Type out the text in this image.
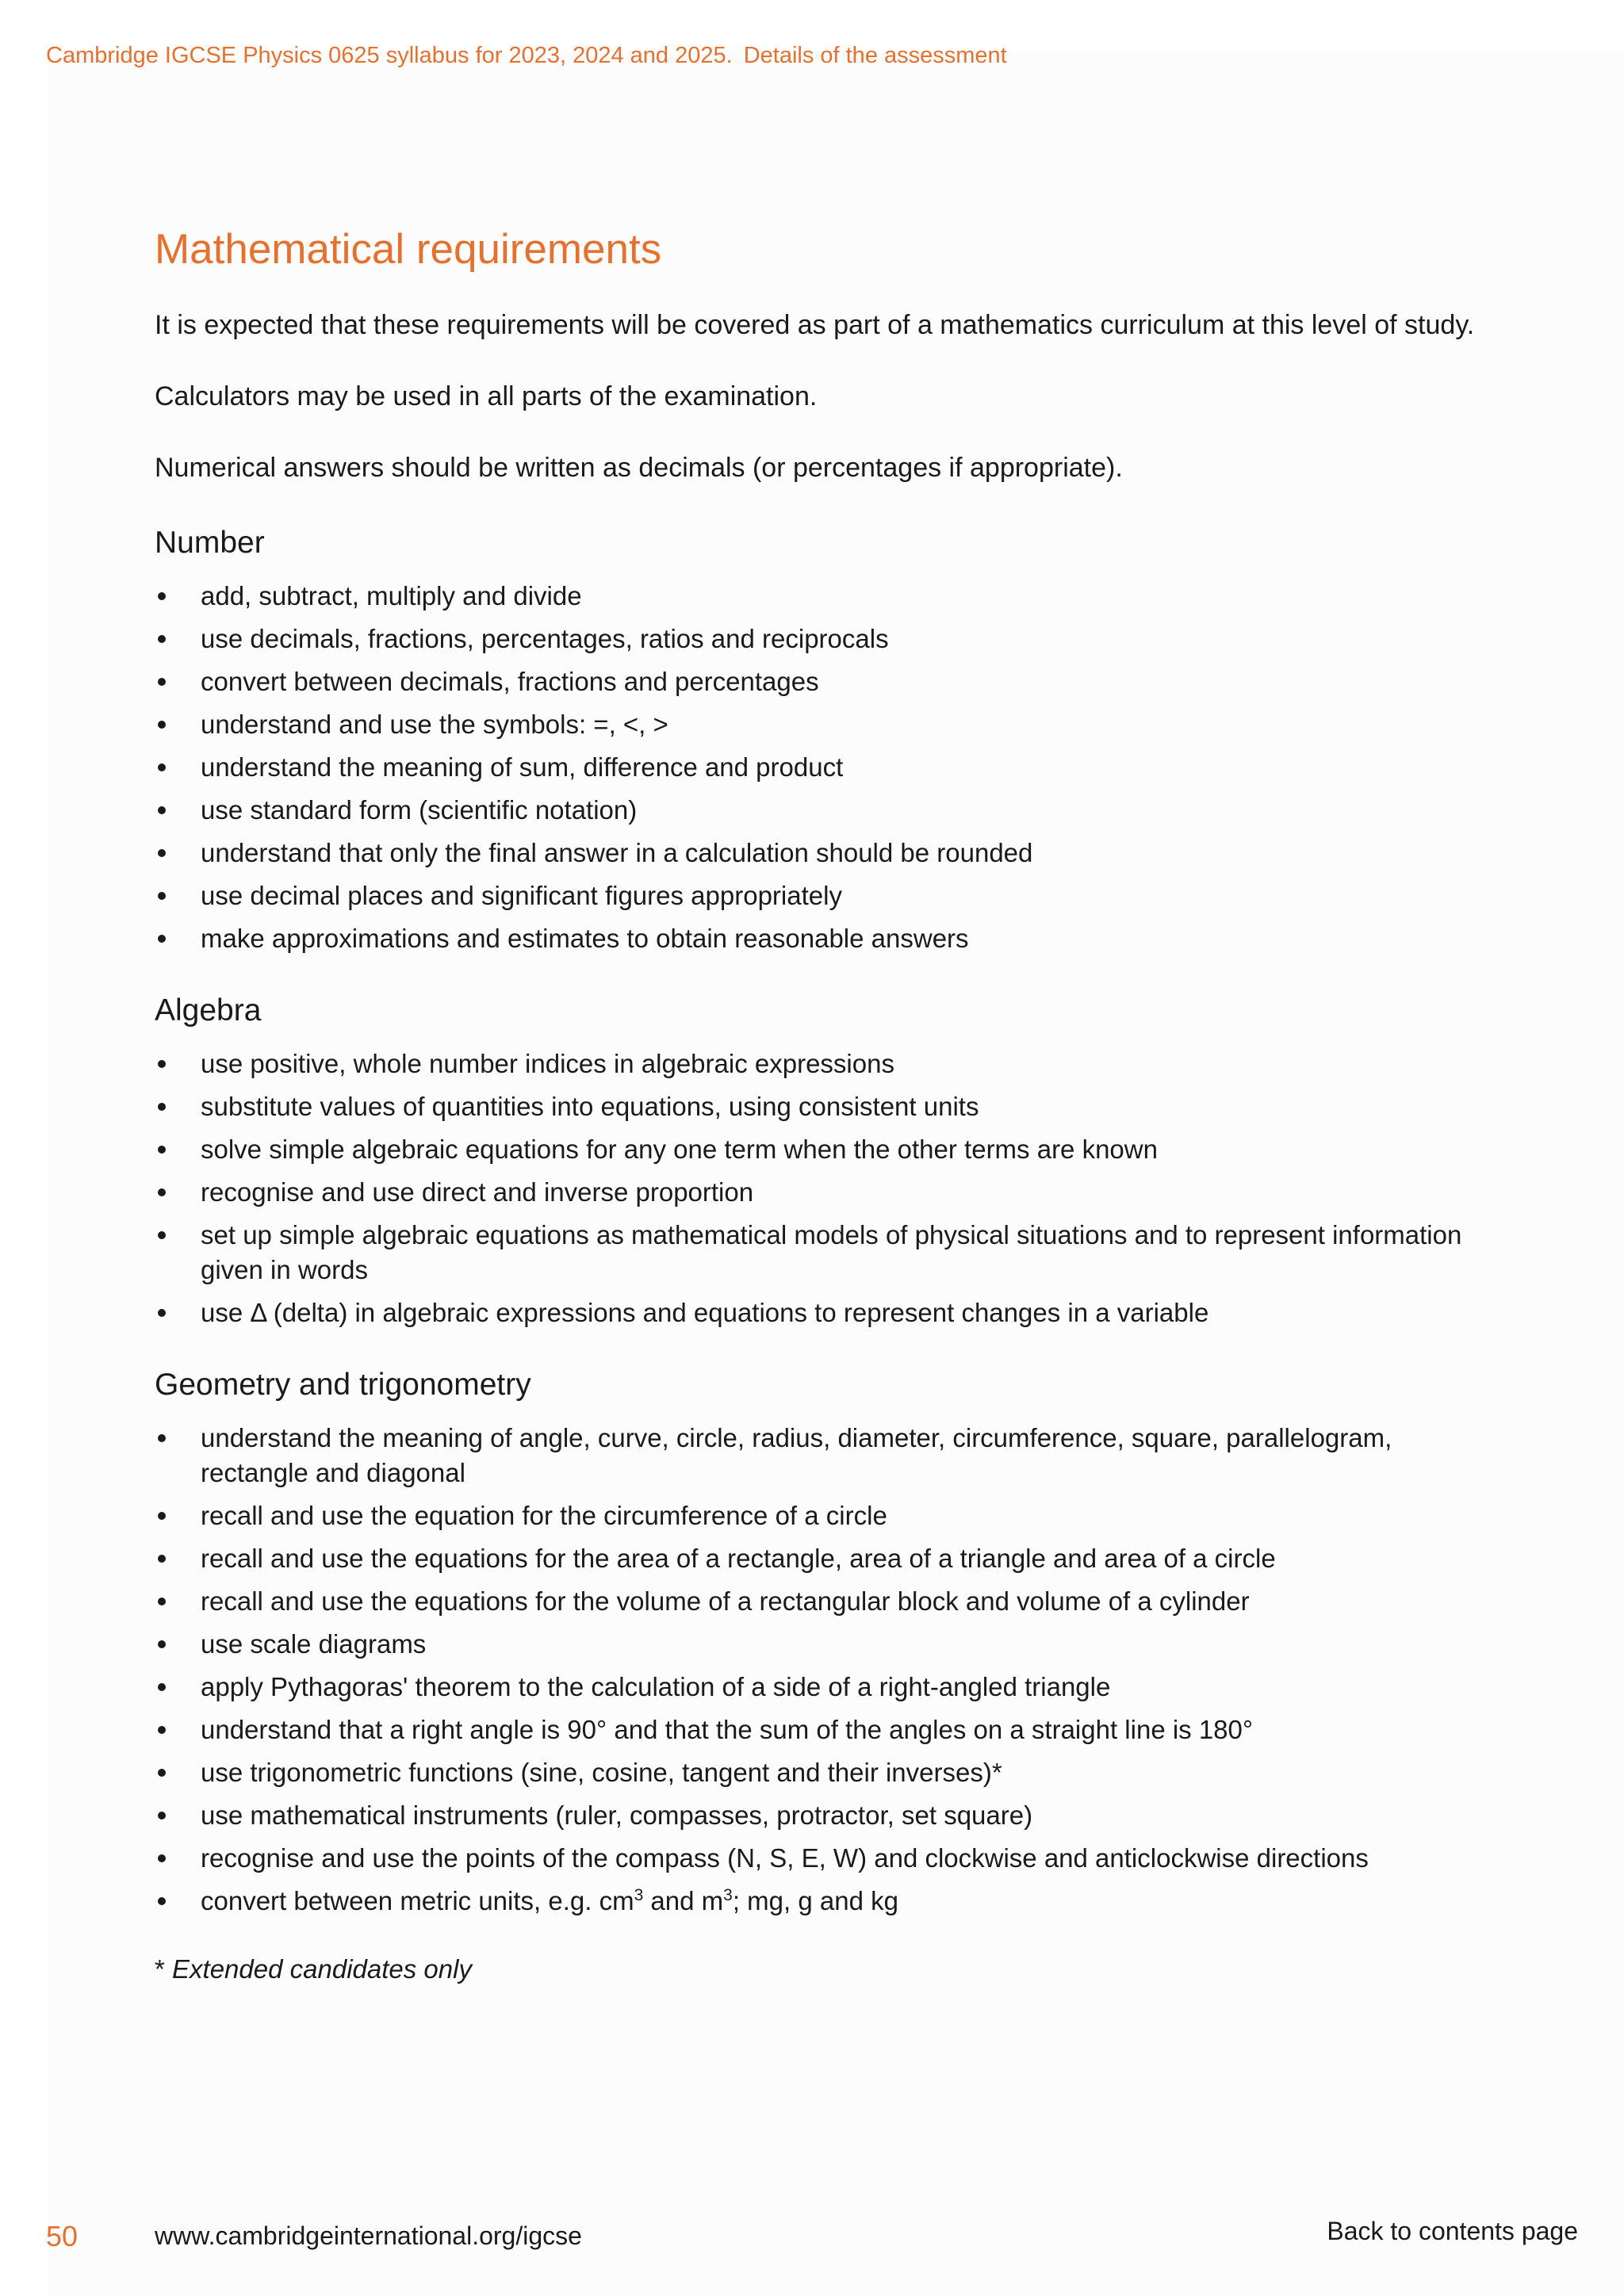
Cambridge IGCSE Physics 0625 syllabus for 2023, 2024 and 2025. Details of the assessment
Mathematical requirements

It is expected that these requirements will be covered as part of a mathematics curriculum at this level of study.

Calculators may be used in all parts of the examination.

Numerical answers should be written as decimals (or percentages if appropriate).

Number
add, subtract, multiply and divide
use decimals, fractions, percentages, ratios and reciprocals
convert between decimals, fractions and percentages
understand and use the symbols: =, <, >
understand the meaning of sum, difference and product
use standard form (scientific notation)
understand that only the final answer in a calculation should be rounded
use decimal places and significant figures appropriately
make approximations and estimates to obtain reasonable answers
Algebra
use positive, whole number indices in algebraic expressions
substitute values of quantities into equations, using consistent units
solve simple algebraic equations for any one term when the other terms are known
recognise and use direct and inverse proportion
set up simple algebraic equations as mathematical models of physical situations and to represent information given in words
use Δ (delta) in algebraic expressions and equations to represent changes in a variable
Geometry and trigonometry
understand the meaning of angle, curve, circle, radius, diameter, circumference, square, parallelogram, rectangle and diagonal
recall and use the equation for the circumference of a circle
recall and use the equations for the area of a rectangle, area of a triangle and area of a circle
recall and use the equations for the volume of a rectangular block and volume of a cylinder
use scale diagrams
apply Pythagoras' theorem to the calculation of a side of a right-angled triangle
understand that a right angle is 90° and that the sum of the angles on a straight line is 180°
use trigonometric functions (sine, cosine, tangent and their inverses)*
use mathematical instruments (ruler, compasses, protractor, set square)
recognise and use the points of the compass (N, S, E, W) and clockwise and anticlockwise directions
convert between metric units, e.g. $cm^3$ and $m^3$; mg, g and kg

* Extended candidates only

50	www.cambridgeinternational.org/igcse	Back to contents page
